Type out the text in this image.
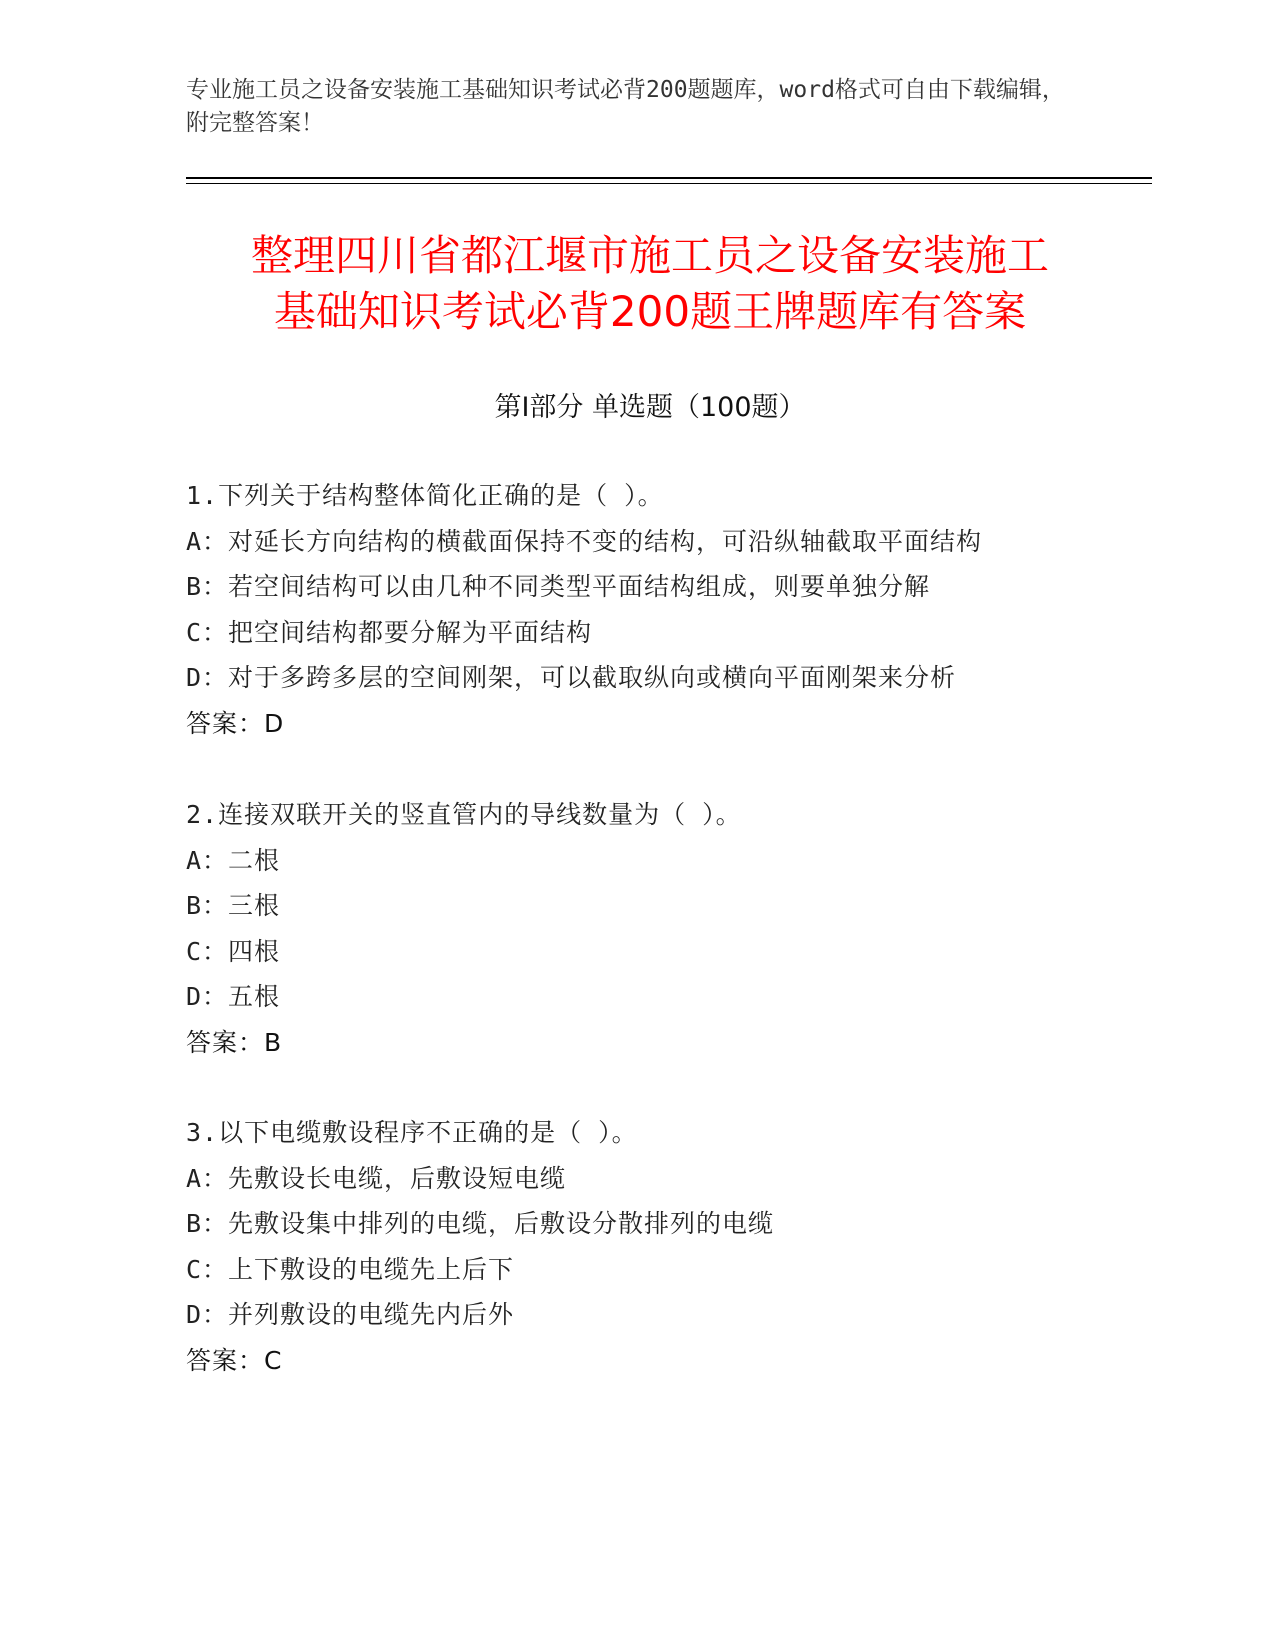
专业施工员之设备安装施工基础知识考试必背200题题库，word格式可自由下载编辑，附完整答案！
整理四川省都江堰市施工员之设备安装施工
基础知识考试必背200题王牌题库有答案
第Ⅰ部分 单选题（100题）
1.下列关于结构整体简化正确的是（ ）。
A：对延长方向结构的横截面保持不变的结构，可沿纵轴截取平面结构
B：若空间结构可以由几种不同类型平面结构组成，则要单独分解
C：把空间结构都要分解为平面结构
D：对于多跨多层的空间刚架，可以截取纵向或横向平面刚架来分析
答案：D
2.连接双联开关的竖直管内的导线数量为（ ）。
A：二根
B：三根
C：四根
D：五根
答案：B
3.以下电缆敷设程序不正确的是（ ）。
A：先敷设长电缆，后敷设短电缆
B：先敷设集中排列的电缆，后敷设分散排列的电缆
C：上下敷设的电缆先上后下
D：并列敷设的电缆先内后外
答案：C
